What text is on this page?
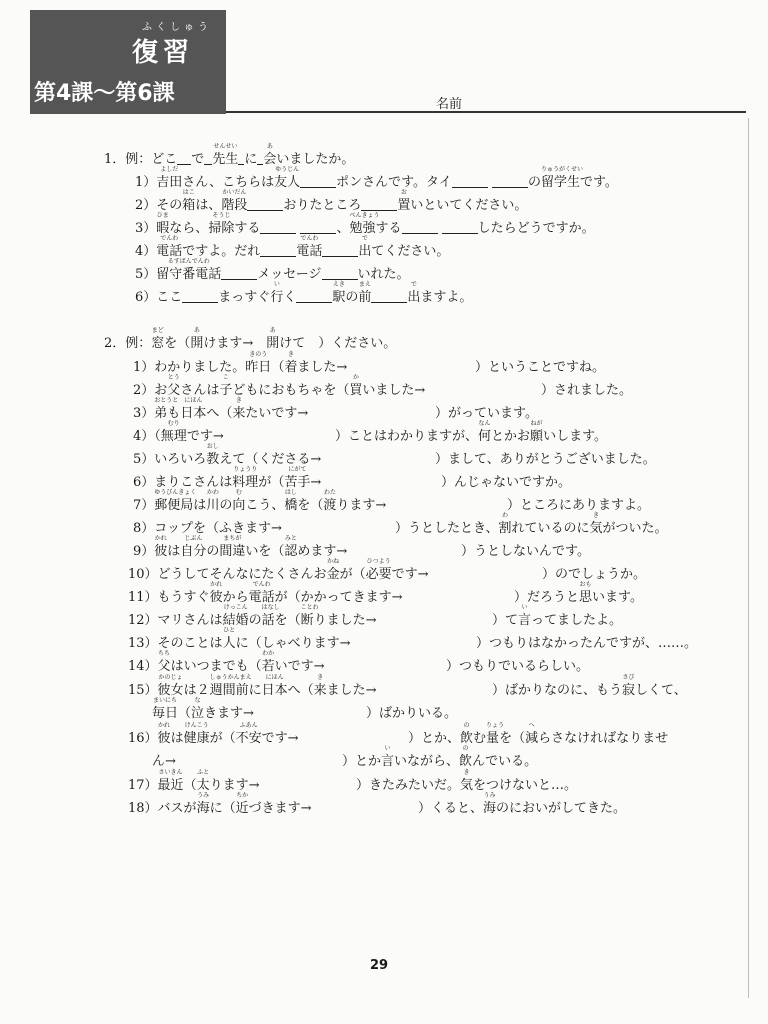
ふくしゅう
復習
第4課～第6課	名前
1．例：どこ で 先生
せんせい
に 会
あ
いましたか。
1）吉田
よしだ
さん、こちらは友人
ゆうじん
ポンさんです。タイ	の留学生
りゅうがくせい
です。
2）その箱
はこ
は、階段
かいだん
おりたところ	置
お
いといてください。
3）暇
ひま
なら、掃除
そうじ
する	、勉強
べんきょう
する	したらどうですか。
4）電話
でんわ
ですよ。だれ	電話
でんわ
出
で
てください。
5）留守番電話
るすばんでんわ
メッセージ	いれた。
6）ここ	まっすぐ行
い
く	駅
えき
の前
まえ
出
で
ますよ。
2．例：窓
まど
を（開
あ
けます→　 開
あ
けて　）ください。
1）わかりました。昨日
きのう
（着
き
ました→	）ということですね。
2）お父
とう
さんは子
こ
どもにおもちゃを（買
か
いました→	）されました。
3）弟
おとうと
も日本
にほん
へ（来
き
たいです→	）がっています。
4）（無理
むり
です→	）ことはわかりますが、何
なん
とかお願
ねが
いします。
5）いろいろ教
おし
えて（くださる→	）まして、ありがとうございました。
6）まりこさんは料理
りょうり
が（苦手
にがて
→	）んじゃないですか。
7）郵便局
ゆうびんきょく
は川
かわ
の向
む
こう、橋
はし
を（渡
わた
ります→	）ところにありますよ。
8）コップを（ふきます→	）うとしたとき、割
わ
れているのに気
き
がついた。
9）彼
かれ
は自分
じぶん
の間違
まちが
いを（認
みと
めます→	）うとしないんです。
10）どうしてそんなにたくさんお金
かね
が（必要
ひつよう
です→	）のでしょうか。
11）もうすぐ彼
かれ
から電話
でんわ
が（かかってきます→	）だろうと思
おも
います。
12）マリさんは結婚
けっこん
の話
はなし
を（断
ことわ
りました→	）て言
い
ってましたよ。
13）そのことは人
ひと
に（しゃべります→	）つもりはなかったんですが、……。
14）父
ちち
はいつまでも（若
わか
いです→	）つもりでいるらしい。
15）彼女
かのじょ
は２週間前
しゅうかんまえ
に日本
にほん
へ（来
き
ました→	）ばかりなのに、もう寂
さび
しくて、
毎日
まいにち
（泣
な
きます→	）ばかりいる。
16）彼
かれ
は健康
けんこう
が（不安
ふあん
です→	）とか、飲
の
む量
りょう
を（減
へ
らさなければなりませ
ん→	）とか言
い
いながら、飲
の
んでいる。
17）最近
さいきん
（太
ふと
ります→	）きたみたいだ。気
き
をつけないと…。
18）バスが海
うみ
に（近
ちか
づきます→	）くると、海
うみ
のにおいがしてきた。
29
